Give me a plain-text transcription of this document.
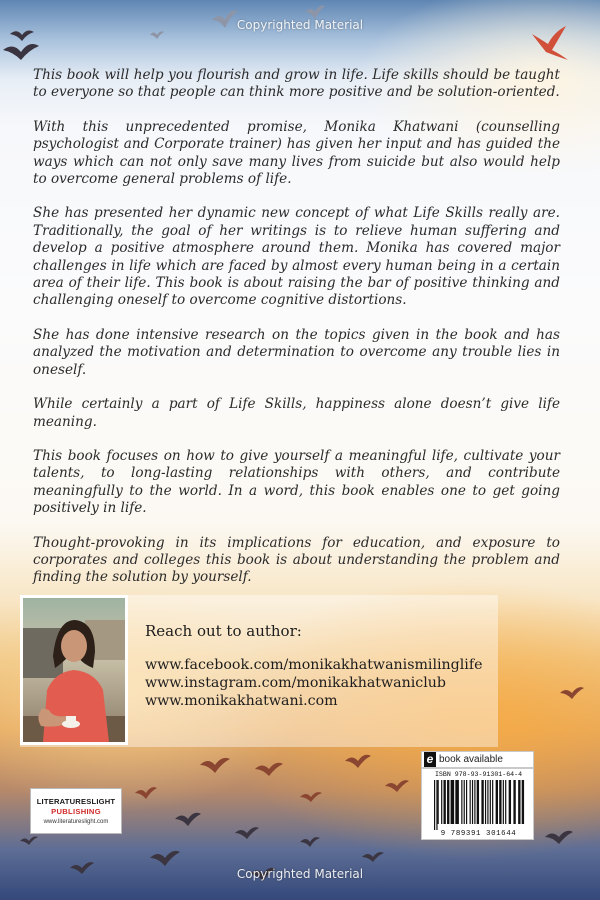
Copyrighted Material

This book will help you flourish and grow in life. Life skills should be taught to everyone so that people can think more positive and be solution-oriented.

With this unprecedented promise, Monika Khatwani (counselling psychologist and Corporate trainer) has given her input and has guided the ways which can not only save many lives from suicide but also would help to overcome general problems of life.

She has presented her dynamic new concept of what Life Skills really are. Traditionally, the goal of her writings is to relieve human suffering and develop a positive atmosphere around them. Monika has covered major challenges in life which are faced by almost every human being in a certain area of their life. This book is about raising the bar of positive thinking and challenging oneself to overcome cognitive distortions.

She has done intensive research on the topics given in the book and has analyzed the motivation and determination to overcome any trouble lies in oneself.

While certainly a part of Life Skills, happiness alone doesn’t give life meaning.

This book focuses on how to give yourself a meaningful life, cultivate your talents, to long-lasting relationships with others, and contribute meaningfully to the world. In a word, this book enables one to get going positively in life.

Thought-provoking in its implications for education, and exposure to corporates and colleges this book is about understanding the problem and finding the solution by yourself.

Reach out to author:
www.facebook.com/monikakhatwanismilinglife
www.instagram.com/monikakhatwaniclub
www.monikakhatwani.com
LITERATURESLIGHT
PUBLISHING
www.literatureslight.com
e book available
ISBN 978-93-91301-64-4
9 789391 301644
Copyrighted Material
